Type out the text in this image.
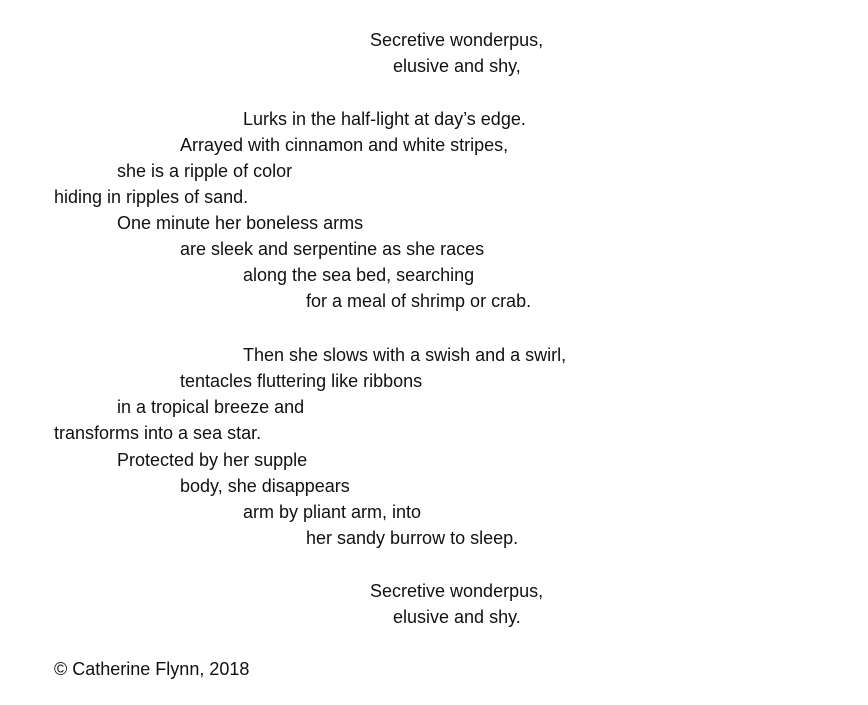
Secretive wonderpus,
elusive and shy,
Lurks in the half-light at day’s edge.
Arrayed with cinnamon and white stripes,
she is a ripple of color
hiding in ripples of sand.
One minute her boneless arms
are sleek and serpentine as she races
along the sea bed, searching
for a meal of shrimp or crab.
Then she slows with a swish and a swirl,
tentacles fluttering like ribbons
in a tropical breeze and
transforms into a sea star.
Protected by her supple
body, she disappears
arm by pliant arm, into
her sandy burrow to sleep.
Secretive wonderpus,
elusive and shy.
© Catherine Flynn, 2018
